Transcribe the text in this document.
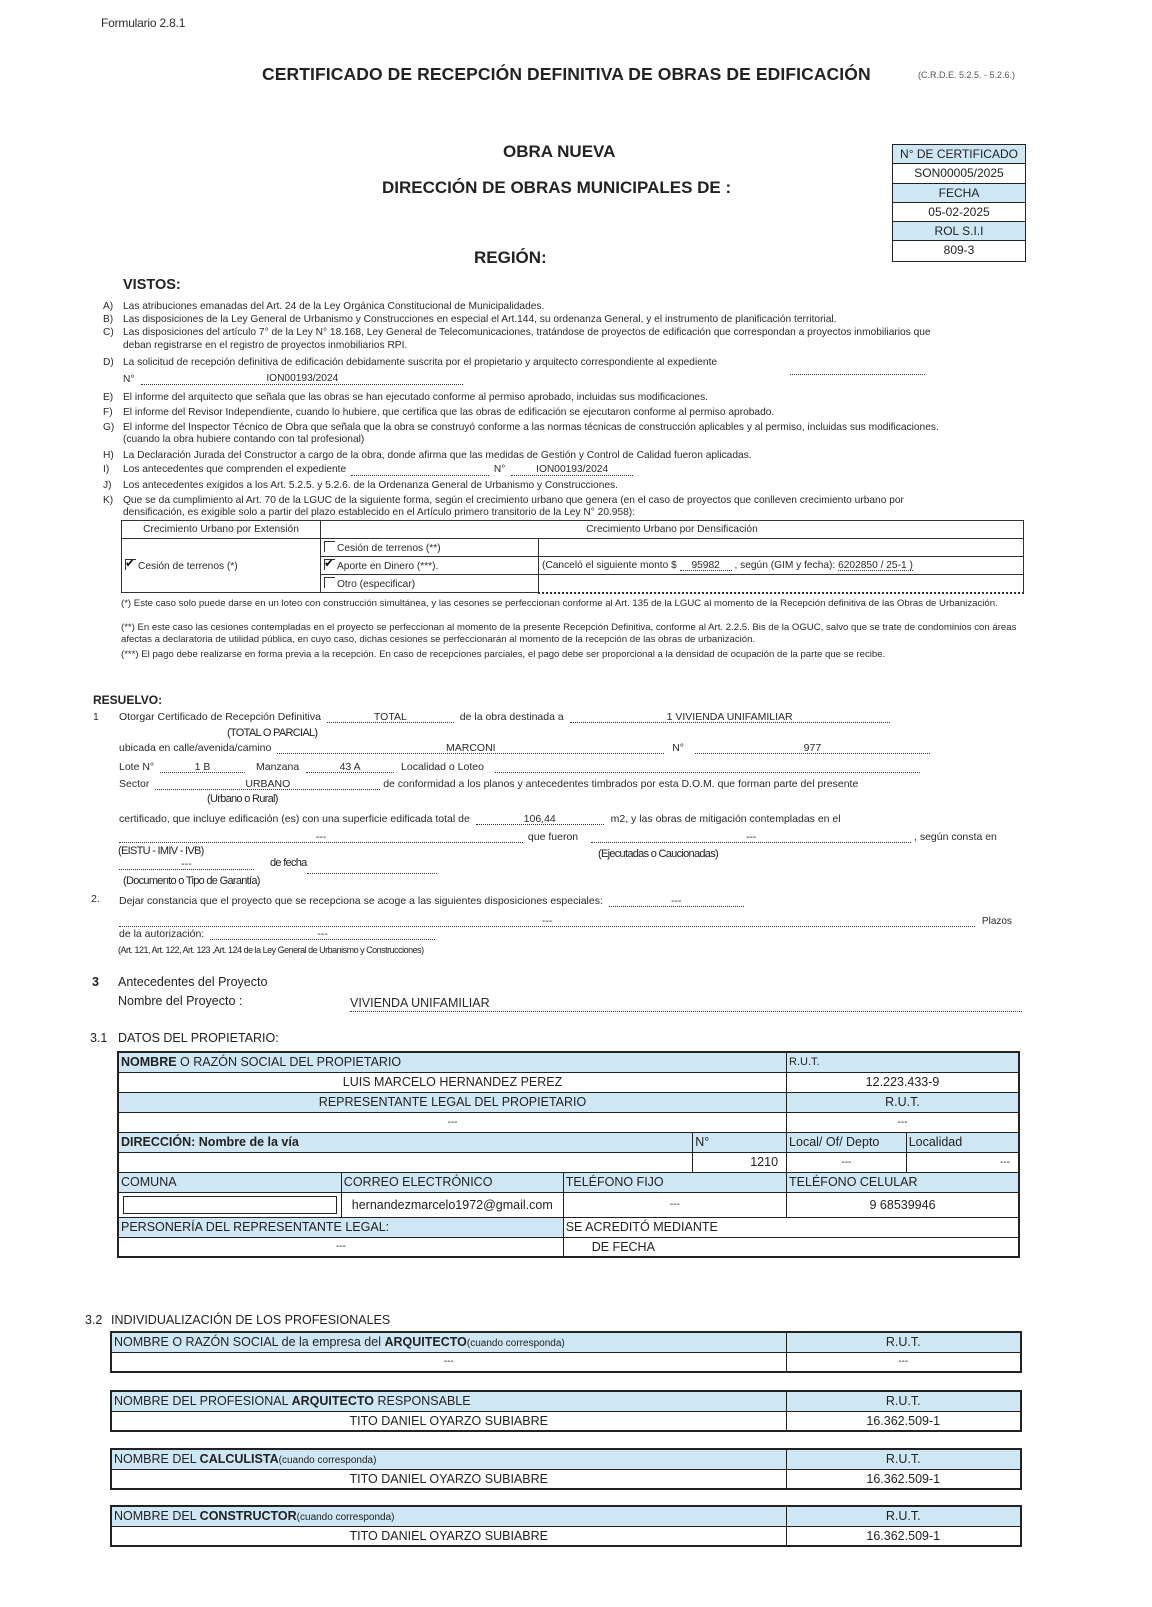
Formulario 2.8.1
CERTIFICADO DE RECEPCIÓN DEFINITIVA DE OBRAS DE EDIFICACIÓN	(C.R.D.E. 5.2.5. - 5.2.6.)
OBRA NUEVA
DIRECCIÓN DE OBRAS MUNICIPALES DE :
REGIÓN:
N° DE CERTIFICADO
SON00005/2025
FECHA
05-02-2025
ROL S.I.I
809-3
VISTOS:
A) Las atribuciones emanadas del Art. 24 de la Ley Orgánica Constitucional de Municipalidades.
B) Las disposiciones de la Ley General de Urbanismo y Construcciones en especial el Art.144, su ordenanza General, y el instrumento de planificación territorial.
C) Las disposiciones del artículo 7° de la Ley N° 18.168, Ley General de Telecomunicaciones, tratándose de proyectos de edificación que correspondan a proyectos inmobiliarios que
deban registrarse en el registro de proyectos inmobiliarios RPI.
D) La solicitud de recepción definitiva de edificación debidamente suscrita por el propietario y arquitecto correspondiente al expediente
N°	ION00193/2024
E) El informe del arquitecto que señala que las obras se han ejecutado conforme al permiso aprobado, incluidas sus modificaciones.
F) El informe del Revisor Independiente, cuando lo hubiere, que certifica que las obras de edificación se ejecutaron conforme al permiso aprobado.
G) El informe del Inspector Técnico de Obra que señala que la obra se construyó conforme a las normas técnicas de construcción aplicables y al permiso, incluidas sus modificaciones.
(cuando la obra hubiere contando con tal profesional)
H) La Declaración Jurada del Constructor a cargo de la obra, donde afirma que las medidas de Gestión y Control de Calidad fueron aplicadas.
I) Los antecedentes que comprenden el expediente	N°	ION00193/2024
J) Los antecedentes exigidos a los Art. 5.2.5. y 5.2.6. de la Ordenanza General de Urbanismo y Construcciones.
K) Que se da cumplimiento al Art. 70 de la LGUC de la siguiente forma, según el crecimiento urbano que genera (en el caso de proyectos que conlleven crecimiento urbano por
densificación, es exigible solo a partir del plazo establecido en el Artículo primero transitorio de la Ley N° 20.958):
Crecimiento Urbano por Extensión	Crecimiento Urbano por Densificación	
✔Cesión de terrenos (*)	Cesión de terrenos (**)	
✔Aporte en Dinero (***).	(Canceló el siguiente monto $ 95982 , según (GIM y fecha): 6202850 / 25-1 )
	Otro (especificar)	
(*) Este caso solo puede darse en un loteo con construcción simultánea, y las cesones se perfeccionan conforme al Art. 135 de la LGUC al momento de la Recepción definitiva de las Obras de Urbanización.
(**) En este caso las cesiones contempladas en el proyecto se perfeccionan al momento de la presente Recepción Definitiva, conforme al Art. 2.2.5. Bis de la OGUC, salvo que se trate de condominios con áreas afectas a declaratoria de utilidad pública, en cuyo caso, dichas cesiones se perfeccionarán al momento de la recepción de las obras de urbanización.
(***) El pago debe realizarse en forma previa a la recepción. En caso de recepciones parciales, el pago debe ser proporcional a la densidad de ocupación de la parte que se recibe.
RESUELVO:
1 Otorgar Certificado de Recepción Definitiva	TOTAL	de la obra destinada a	1 VIVIENDA UNIFAMILIAR
(TOTAL O PARCIAL)
ubicada en calle/avenida/camino	MARCONI	N°	977
Lote N°	1 B	Manzana	43 A	Localidad o Loteo
Sector	URBANO	de conformidad a los planos y antecedentes timbrados por esta D.O.M. que forman parte del presente
(Urbano o Rural)
certificado, que incluye edificación (es) con una superficie edificada total de	106,44	m2, y las obras de mitigación contempladas en el
---	que fueron	---	, según consta en
(EISTU - IMIV - IVB)	(Ejecutadas o Caucionadas)
---	de fecha
(Documento o Tipo de Garantía)
2. Dejar constancia que el proyecto que se recepciona se acoge a las siguientes disposiciones especiales:	---
---	Plazos
de la autorización:	---
(Art. 121, Art. 122, Art. 123 ,Art. 124 de la Ley General de Urbanismo y Construcciones)
3 Antecedentes del Proyecto
Nombre del Proyecto :	VIVIENDA UNIFAMILIAR
3.1 DATOS DEL PROPIETARIO:
NOMBRE O RAZÓN SOCIAL DEL PROPIETARIO				R.U.T.	
LUIS MARCELO HERNANDEZ PEREZ				12.223.433-9	
REPRESENTANTE LEGAL DEL PROPIETARIO				R.U.T.	
---				---	
DIRECCIÓN: Nombre de la vía			N°	Local/ Of/ Depto	Localidad
			1210	---	---
COMUNA	CORREO ELECTRÓNICO	TELÉFONO FIJO		TELÉFONO CELULAR	

	hernandezmarcelo1972@gmail.com	---		9 68539946	
PERSONERÍA DEL REPRESENTANTE LEGAL:		SE ACREDITÓ MEDIANTE			
---		DE FECHA			
3.2 INDIVIDUALIZACIÓN DE LOS PROFESIONALES
NOMBRE O RAZÓN SOCIAL de la empresa del ARQUITECTO(cuando corresponda)	R.U.T.
---	---
NOMBRE DEL PROFESIONAL ARQUITECTO RESPONSABLE	R.U.T.
TITO DANIEL OYARZO SUBIABRE	16.362.509-1
NOMBRE DEL CALCULISTA(cuando corresponda)	R.U.T.
TITO DANIEL OYARZO SUBIABRE	16.362.509-1
NOMBRE DEL CONSTRUCTOR(cuando corresponda)	R.U.T.
TITO DANIEL OYARZO SUBIABRE	16.362.509-1
